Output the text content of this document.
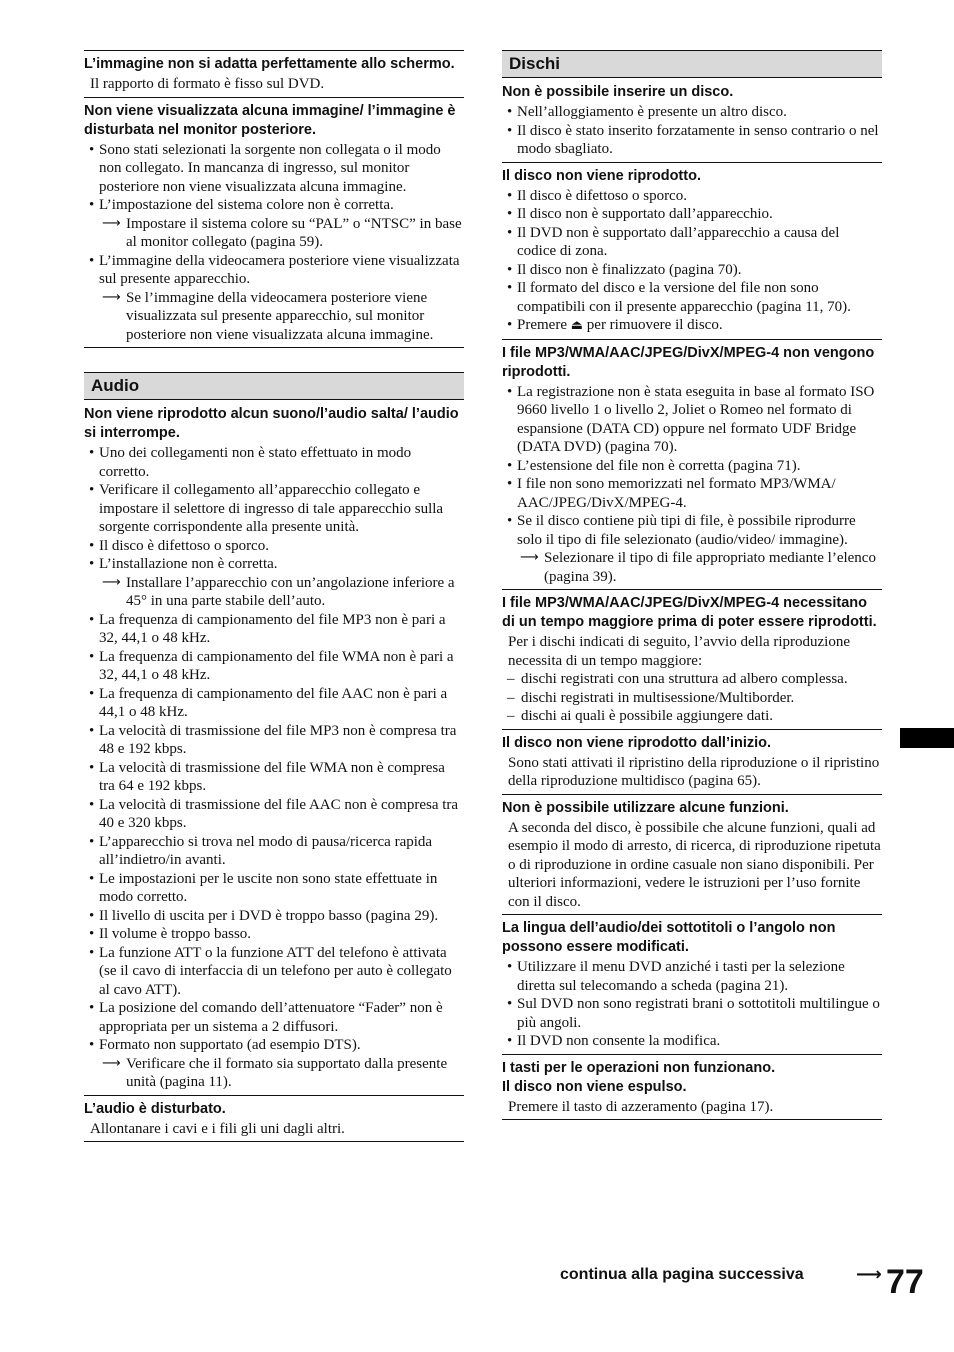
L’immagine non si adatta perfettamente allo schermo.

Il rapporto di formato è fisso sul DVD.

Non viene visualizzata alcuna immagine/ l’immagine è disturbata nel monitor posteriore.

• Sono stati selezionati la sorgente non collegata o il modo non collegato. In mancanza di ingresso, sul monitor posteriore non viene visualizzata alcuna immagine.
• L’impostazione del sistema colore non è corretta.
⟶ Impostare il sistema colore su “PAL” o “NTSC” in base al monitor collegato (pagina 59).
• L’immagine della videocamera posteriore viene visualizzata sul presente apparecchio.
⟶ Se l’immagine della videocamera posteriore viene visualizzata sul presente apparecchio, sul monitor posteriore non viene visualizzata alcuna immagine.
Audio

Non viene riprodotto alcun suono/l’audio salta/ l’audio si interrompe.

• Uno dei collegamenti non è stato effettuato in modo corretto.
• Verificare il collegamento all’apparecchio collegato e impostare il selettore di ingresso di tale apparecchio sulla sorgente corrispondente alla presente unità.
• Il disco è difettoso o sporco.
• L’installazione non è corretta.
⟶ Installare l’apparecchio con un’angolazione inferiore a 45° in una parte stabile dell’auto.
• La frequenza di campionamento del file MP3 non è pari a 32, 44,1 o 48 kHz.
• La frequenza di campionamento del file WMA non è pari a 32, 44,1 o 48 kHz.
• La frequenza di campionamento del file AAC non è pari a 44,1 o 48 kHz.
• La velocità di trasmissione del file MP3 non è compresa tra 48 e 192 kbps.
• La velocità di trasmissione del file WMA non è compresa tra 64 e 192 kbps.
• La velocità di trasmissione del file AAC non è compresa tra 40 e 320 kbps.
• L’apparecchio si trova nel modo di pausa/ricerca rapida all’indietro/in avanti.
• Le impostazioni per le uscite non sono state effettuate in modo corretto.
• Il livello di uscita per i DVD è troppo basso (pagina 29).
• Il volume è troppo basso.
• La funzione ATT o la funzione ATT del telefono è attivata (se il cavo di interfaccia di un telefono per auto è collegato al cavo ATT).
• La posizione del comando dell’attenuatore “Fader” non è appropriata per un sistema a 2 diffusori.
• Formato non supportato (ad esempio DTS).
⟶ Verificare che il formato sia supportato dalla presente unità (pagina 11).

L’audio è disturbato.

Allontanare i cavi e i fili gli uni dagli altri.

Dischi

Non è possibile inserire un disco.

• Nell’alloggiamento è presente un altro disco.
• Il disco è stato inserito forzatamente in senso contrario o nel modo sbagliato.

Il disco non viene riprodotto.

• Il disco è difettoso o sporco.
• Il disco non è supportato dall’apparecchio.
• Il DVD non è supportato dall’apparecchio a causa del codice di zona.
• Il disco non è finalizzato (pagina 70).
• Il formato del disco e la versione del file non sono compatibili con il presente apparecchio (pagina 11, 70).
• Premere ⏏ per rimuovere il disco.

I file MP3/WMA/AAC/JPEG/DivX/MPEG-4 non vengono riprodotti.

• La registrazione non è stata eseguita in base al formato ISO 9660 livello 1 o livello 2, Joliet o Romeo nel formato di espansione (DATA CD) oppure nel formato UDF Bridge (DATA DVD) (pagina 70).
• L’estensione del file non è corretta (pagina 71).
• I file non sono memorizzati nel formato MP3/WMA/ AAC/JPEG/DivX/MPEG-4.
• Se il disco contiene più tipi di file, è possibile riprodurre solo il tipo di file selezionato (audio/video/ immagine).
⟶ Selezionare il tipo di file appropriato mediante l’elenco (pagina 39).

I file MP3/WMA/AAC/JPEG/DivX/MPEG-4 necessitano di un tempo maggiore prima di poter essere riprodotti.

Per i dischi indicati di seguito, l’avvio della riproduzione necessita di un tempo maggiore:

– dischi registrati con una struttura ad albero complessa.
– dischi registrati in multisessione/Multiborder.
– dischi ai quali è possibile aggiungere dati.

Il disco non viene riprodotto dall’inizio.

Sono stati attivati il ripristino della riproduzione o il ripristino della riproduzione multidisco (pagina 65).

Non è possibile utilizzare alcune funzioni.

A seconda del disco, è possibile che alcune funzioni, quali ad esempio il modo di arresto, di ricerca, di riproduzione ripetuta o di riproduzione in ordine casuale non siano disponibili. Per ulteriori informazioni, vedere le istruzioni per l’uso fornite con il disco.

La lingua dell’audio/dei sottotitoli o l’angolo non possono essere modificati.

• Utilizzare il menu DVD anziché i tasti per la selezione diretta sul telecomando a scheda (pagina 21).
• Sul DVD non sono registrati brani o sottotitoli multilingue o più angoli.
• Il DVD non consente la modifica.

I tasti per le operazioni non funzionano.
Il disco non viene espulso.

Premere il tasto di azzeramento (pagina 17).

continua alla pagina successiva	⟶ 77
